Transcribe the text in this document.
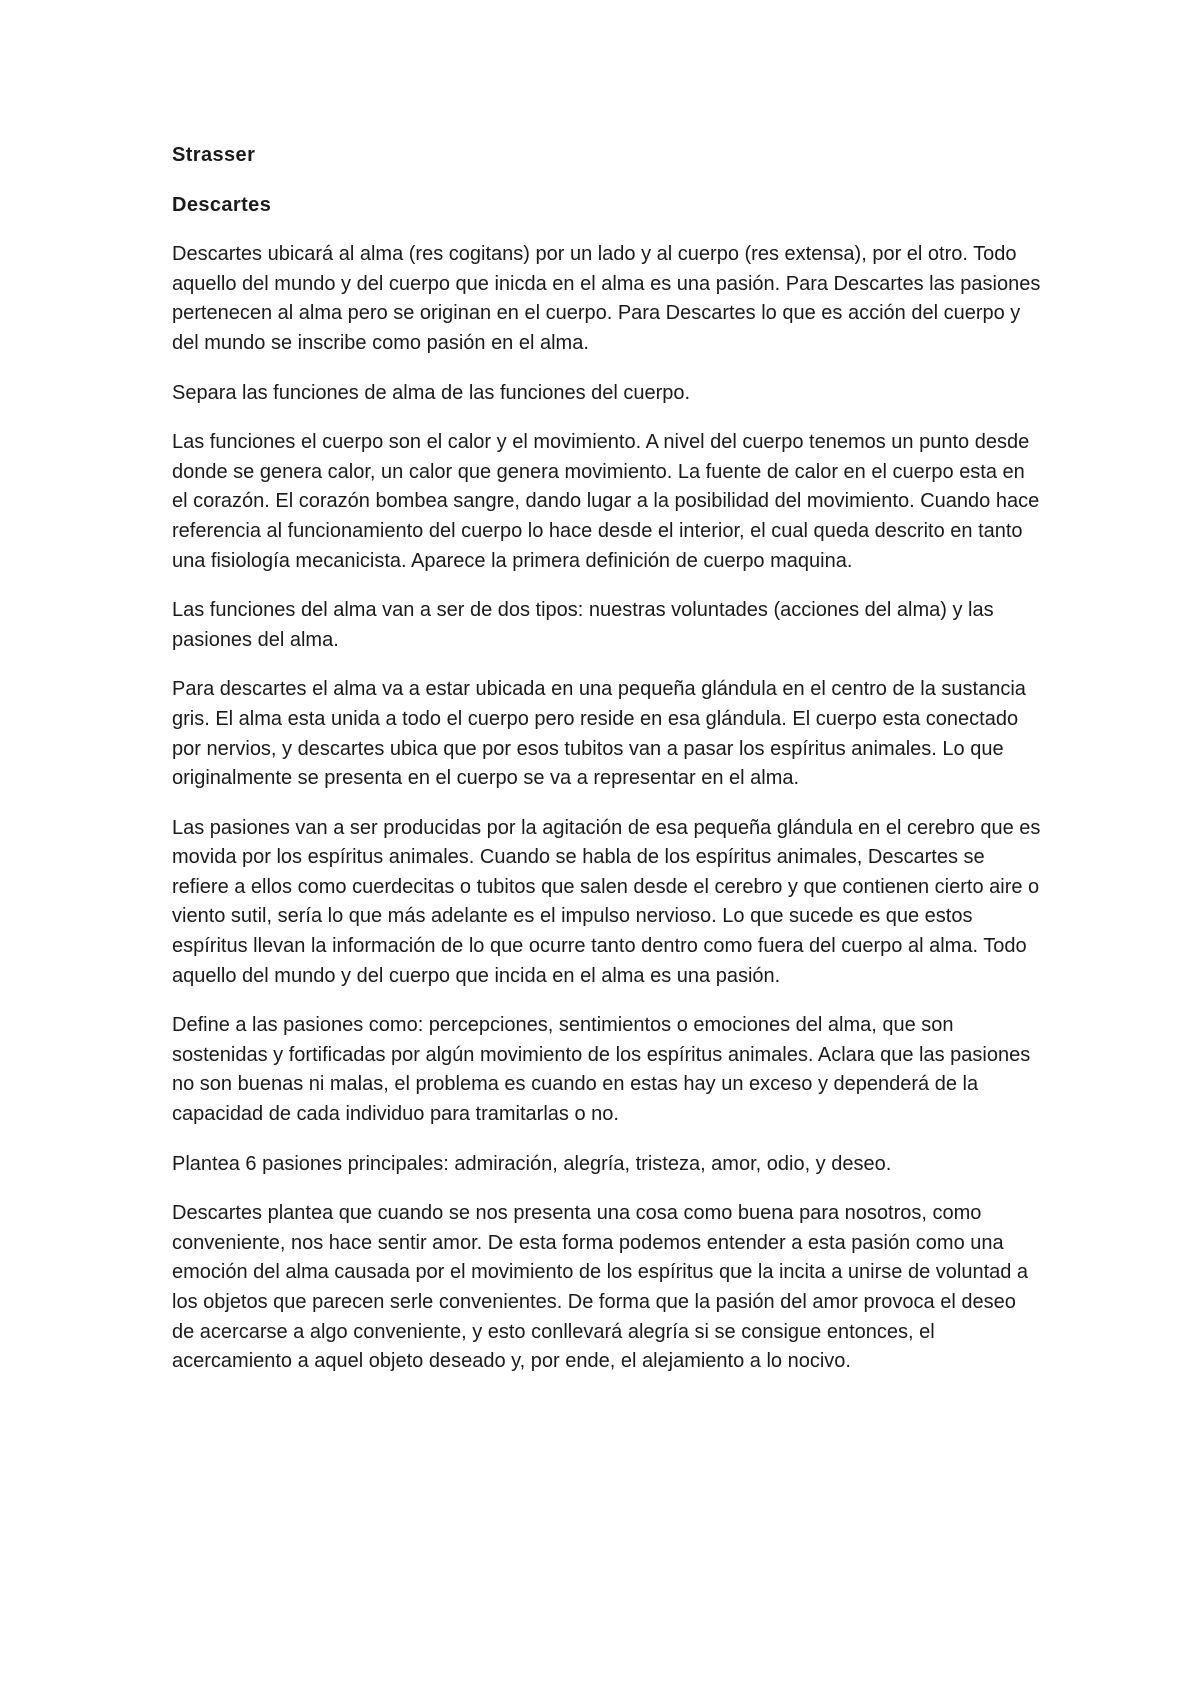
Strasser
Descartes

Descartes ubicará al alma (res cogitans) por un lado y al cuerpo (res extensa), por el otro. Todo aquello del mundo y del cuerpo que inicda en el alma es una pasión. Para Descartes las pasiones pertenecen al alma pero se originan en el cuerpo. Para Descartes lo que es acción del cuerpo y del mundo se inscribe como pasión en el alma.

Separa las funciones de alma de las funciones del cuerpo.

Las funciones el cuerpo son el calor y el movimiento. A nivel del cuerpo tenemos un punto desde donde se genera calor, un calor que genera movimiento. La fuente de calor en el cuerpo esta en el corazón. El corazón bombea sangre, dando lugar a la posibilidad del movimiento. Cuando hace referencia al funcionamiento del cuerpo lo hace desde el interior, el cual queda descrito en tanto una fisiología mecanicista. Aparece la primera definición de cuerpo maquina.

Las funciones del alma van a ser de dos tipos: nuestras voluntades (acciones del alma) y las pasiones del alma.

Para descartes el alma va a estar ubicada en una pequeña glándula en el centro de la sustancia gris. El alma esta unida a todo el cuerpo pero reside en esa glándula. El cuerpo esta conectado por nervios, y descartes ubica que por esos tubitos van a pasar los espíritus animales. Lo que originalmente se presenta en el cuerpo se va a representar en el alma.

Las pasiones van a ser producidas por la agitación de esa pequeña glándula en el cerebro que es movida por los espíritus animales. Cuando se habla de los espíritus animales, Descartes se refiere a ellos como cuerdecitas o tubitos que salen desde el cerebro y que contienen cierto aire o viento sutil, sería lo que más adelante es el impulso nervioso. Lo que sucede es que estos espíritus llevan la información de lo que ocurre tanto dentro como fuera del cuerpo al alma. Todo aquello del mundo y del cuerpo que incida en el alma es una pasión.

Define a las pasiones como: percepciones, sentimientos o emociones del alma, que son sostenidas y fortificadas por algún movimiento de los espíritus animales. Aclara que las pasiones no son buenas ni malas, el problema es cuando en estas hay un exceso y dependerá de la capacidad de cada individuo para tramitarlas o no.

Plantea 6 pasiones principales: admiración, alegría, tristeza, amor, odio, y deseo.

Descartes plantea que cuando se nos presenta una cosa como buena para nosotros, como conveniente, nos hace sentir amor. De esta forma podemos entender a esta pasión como una emoción del alma causada por el movimiento de los espíritus que la incita a unirse de voluntad a los objetos que parecen serle convenientes. De forma que la pasión del amor provoca el deseo de acercarse a algo conveniente, y esto conllevará alegría si se consigue entonces, el acercamiento a aquel objeto deseado y, por ende, el alejamiento a lo nocivo.
